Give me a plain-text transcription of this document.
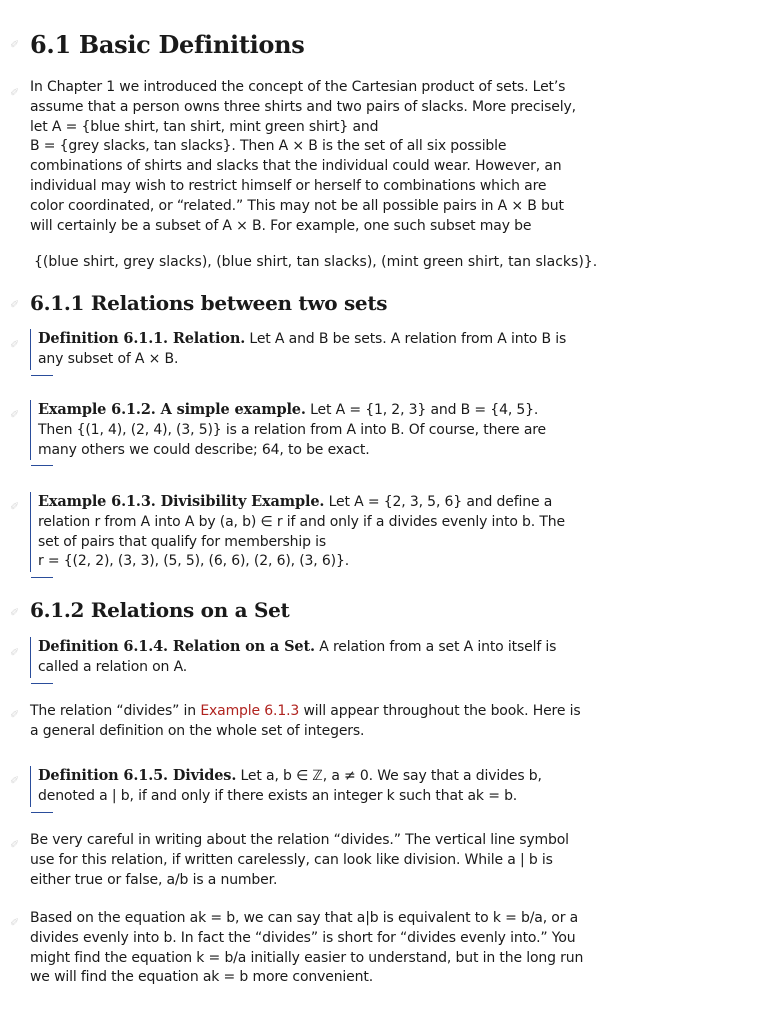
✐ 6.1 Basic Definitions
✐ In Chapter 1 we introduced the concept of the Cartesian product of sets. Let’s
assume that a person owns three shirts and two pairs of slacks. More precisely,
let A = {blue shirt, tan shirt, mint green shirt} and
B = {grey slacks, tan slacks}. Then A × B is the set of all six possible
combinations of shirts and slacks that the individual could wear. However, an
individual may wish to restrict himself or herself to combinations which are
color coordinated, or “related.” This may not be all possible pairs in A × B but
will certainly be a subset of A × B. For example, one such subset may be
{(blue shirt, grey slacks), (blue shirt, tan slacks), (mint green shirt, tan slacks)}.
✐ 6.1.1 Relations between two sets
✐	Definition 6.1.1. Relation. Let A and B be sets. A relation from A into B is
any subset of A × B.
✐	Example 6.1.2. A simple example. Let A = {1, 2, 3} and B = {4, 5}.
Then {(1, 4), (2, 4), (3, 5)} is a relation from A into B. Of course, there are
many others we could describe; 64, to be exact.
✐	Example 6.1.3. Divisibility Example. Let A = {2, 3, 5, 6} and define a
relation r from A into A by (a, b) ∈ r if and only if a divides evenly into b. The
set of pairs that qualify for membership is
r = {(2, 2), (3, 3), (5, 5), (6, 6), (2, 6), (3, 6)}.
✐ 6.1.2 Relations on a Set
✐	Definition 6.1.4. Relation on a Set. A relation from a set A into itself is
called a relation on A.
✐ The relation “divides” in Example 6.1.3 will appear throughout the book. Here is
a general definition on the whole set of integers.
✐	Definition 6.1.5. Divides. Let a, b ∈ ℤ, a ≠ 0. We say that a divides b,
denoted a | b, if and only if there exists an integer k such that ak = b.
✐ Be very careful in writing about the relation “divides.” The vertical line symbol
use for this relation, if written carelessly, can look like division. While a | b is
either true or false, a/b is a number.
✐ Based on the equation ak = b, we can say that a|b is equivalent to k = b/a, or a
divides evenly into b. In fact the “divides” is short for “divides evenly into.” You
might find the equation k = b/a initially easier to understand, but in the long run
we will find the equation ak = b more convenient.
